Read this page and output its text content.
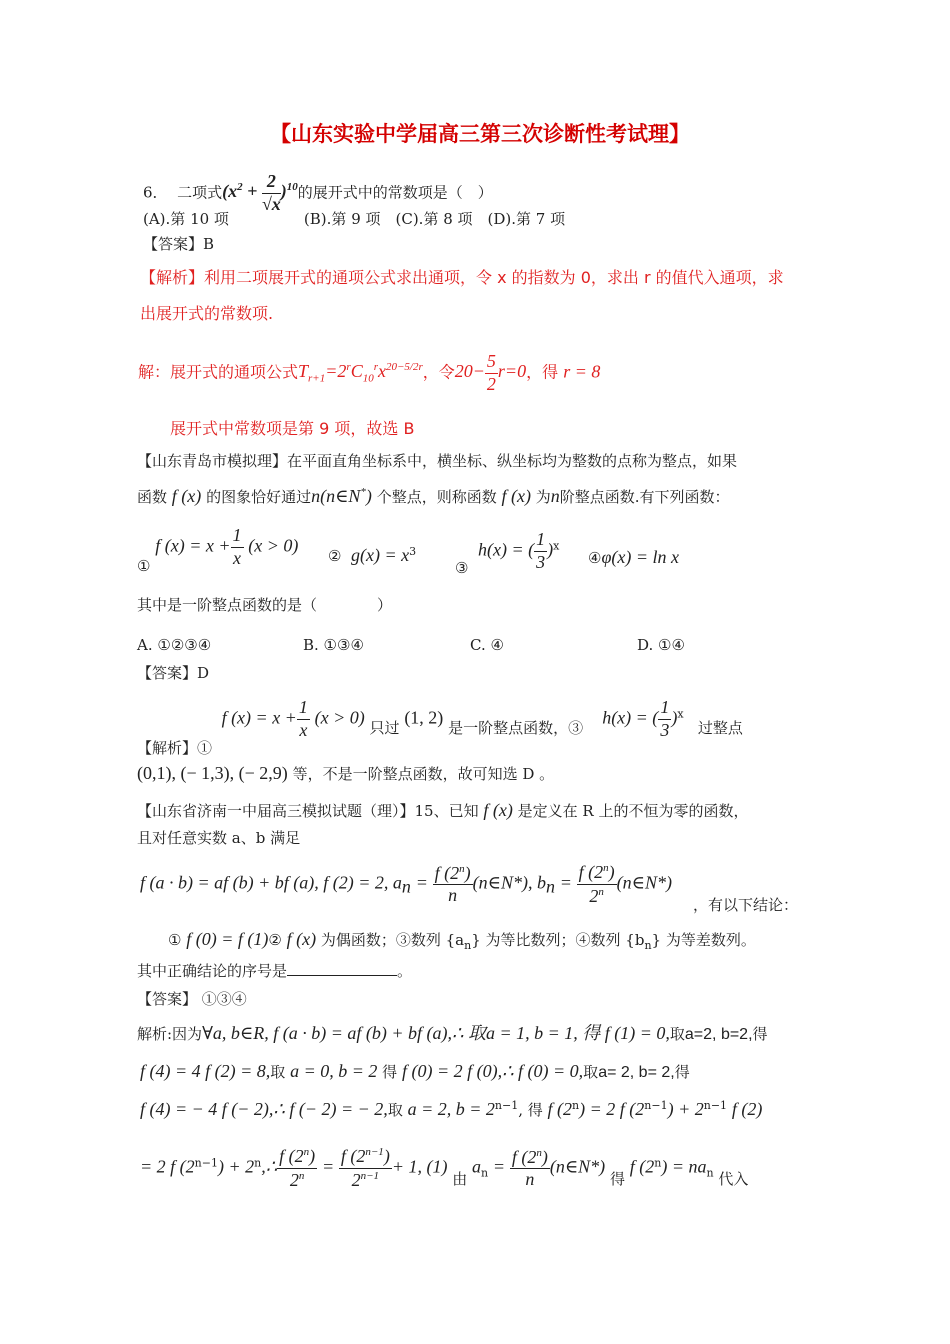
【山东实验中学届高三第三次诊断性考试理】
6． 二项式$(x^2 + \frac{2}{√x} )^{10}$的展开式中的常数项是（　）
(A).第 10 项　　　　　(B).第 9 项　(C).第 8 项　(D).第 7 项
【答案】B
【解析】利用二项展开式的通项公式求出通项，令 x 的指数为 0，求出 r 的值代入通项，求
出展开式的常数项.
解：展开式的通项公式$T_{r+1}=2^rC_{10}^rx^{20-5/2r}$，令$20- \frac{5}{2} r=0$，得 r = 8
展开式中常数项是第 9 项，故选 B
【山东青岛市模拟理】在平面直角坐标系中，横坐标、纵坐标均为整数的点称为整点，如果
函数 f (x) 的图象恰好通过n(n∈N*) 个整点，则称函数 f (x) 为n阶整点函数.有下列函数：
① f $(x) = x + \frac{1}{x} (x > 0)$
② $g(x) = x^3$
③  h(x) = ( $\frac{1}{3} )^x$
④φ(x) = ln x
其中是一阶整点函数的是（　　　　）
A. ①②③④	B. ①③④	C. ④	D. ①④
【答案】D
【解析】①  f $(x) = x + \frac{1}{x} (x > 0)$ 只过 (1, 2) 是一阶整点函数，③    h(x) = ( $\frac{1}{3} )^x$   过整点
(0,1), (− 1,3), (− 2,9) 等，不是一阶整点函数，故可知选 D 。
【山东省济南一中届高三模拟试题（理）】15、已知 f (x) 是定义在 R 上的不恒为零的函数，
且对任意实数 a、b 满足
f (a · b) = af (b) + bf (a), f (2) = 2, $a_n = \frac{f (2^n)}{n}$ (n∈N*), $b_n = \frac{f (2^n)}{2^n}$ (n∈N*)
，有以下结论：
① f (0) = f (1)② f (x) 为偶函数；③数列 $\{a_n\}$ 为等比数列；④数列 $\{b_n\}$ 为等差数列。
其中正确结论的序号是	。
【答案】 ①③④
解析:因为∀a, b∈R, f (a · b) = af (b) + bf (a),∴ 取a = 1, b = 1, 得 f (1) = 0,取a=2, b=2,得
f (4) = 4 f (2) = 8,取 a = 0, b = 2 得 f (0) = 2 f (0),∴ f (0) = 0,取a= 2, b= 2,得
f (4) = − 4 f (− 2),∴ f (− 2) = − 2,取 a = 2, $b = 2^{n-1}$, 得 f $(2^n) = 2$ f $(2^{n-1}) + 2^{n-1}$ f (2)
= 2 f $(2^{n-1})$ + $2^n,\therefore \frac{f (2^n)}{2^n} = \frac{f (2^{n-1})}{2^{n-1}} + 1$, (1) 由 $a_n = \frac{f (2^n)}{n}$ (n∈N*) 得 f $(2^n) = na_n$ 代入
